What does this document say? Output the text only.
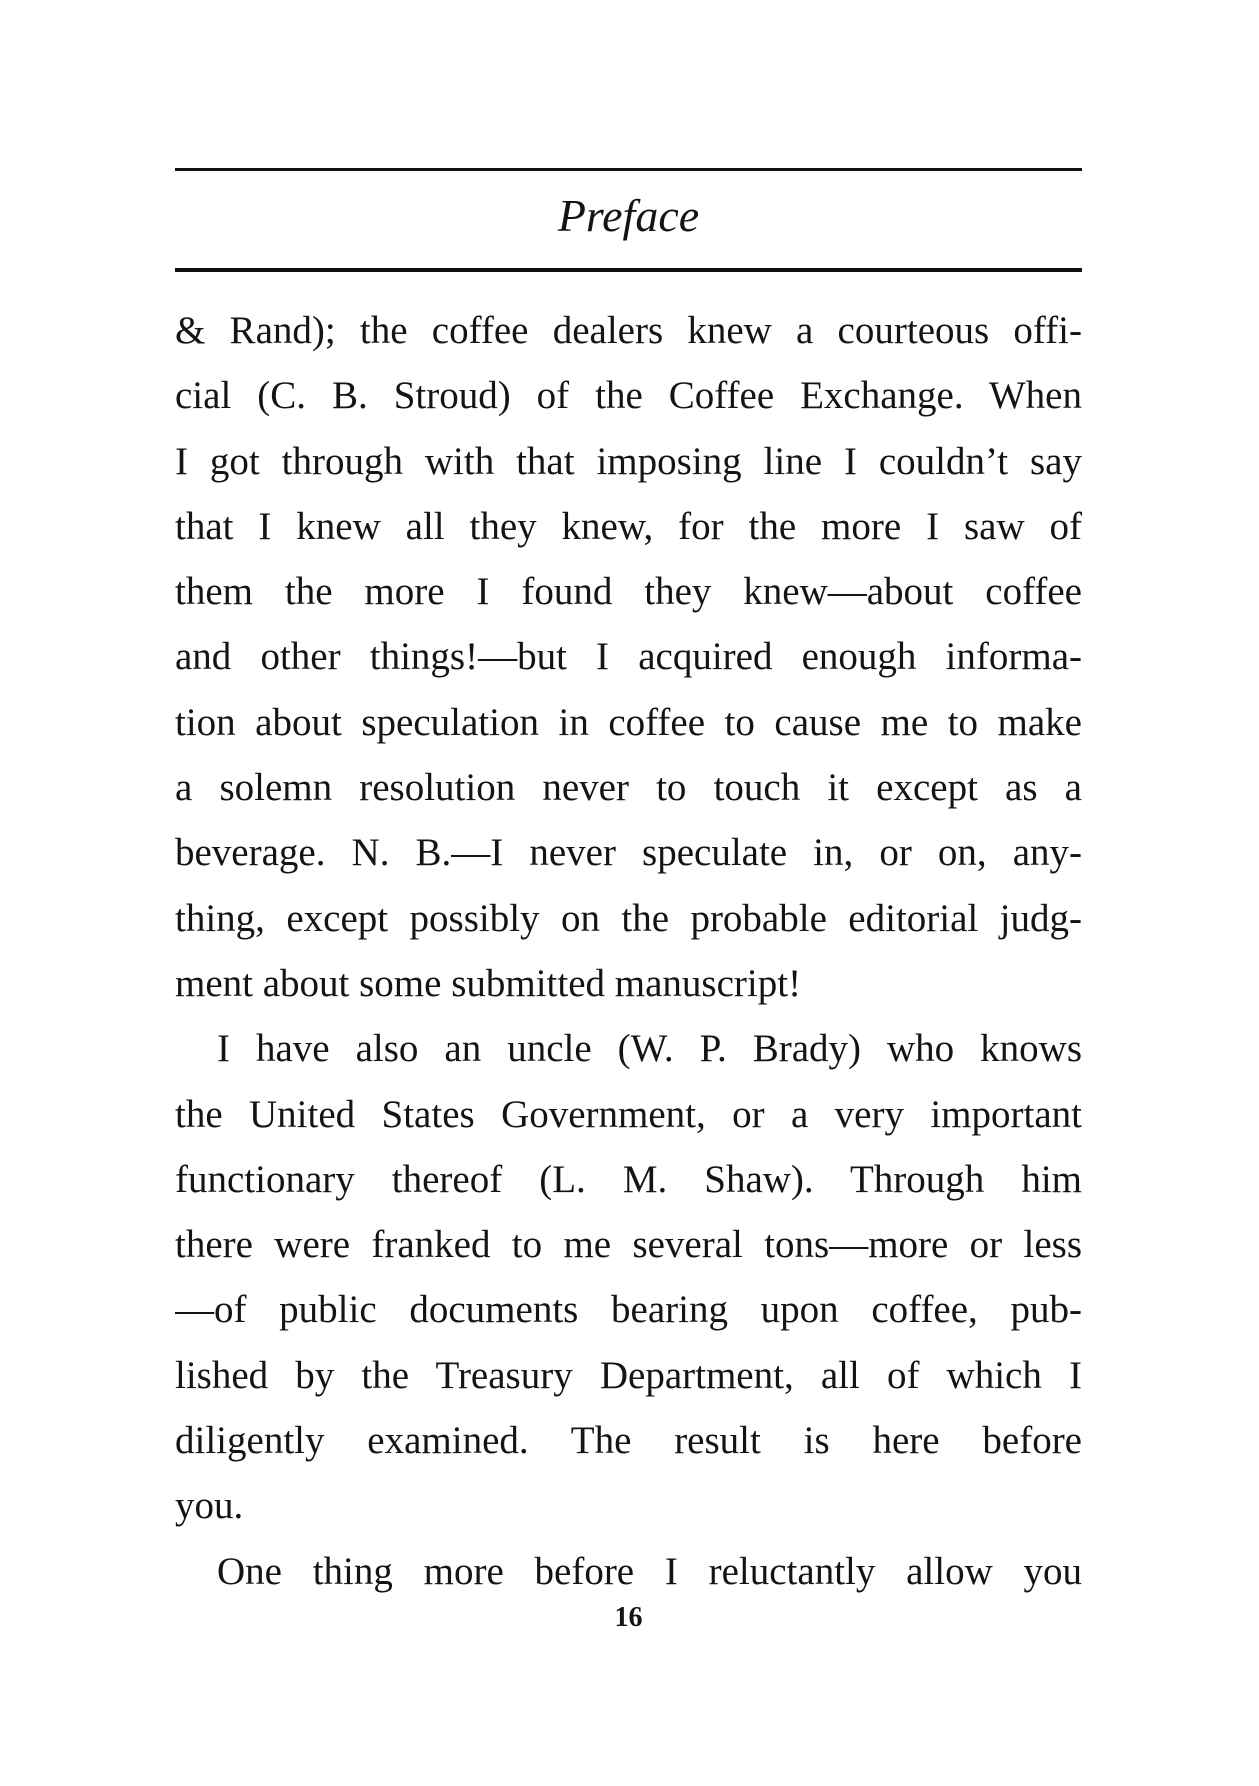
Preface
& Rand); the coffee dealers knew a courteous offi-
cial (C. B. Stroud) of the Coffee Exchange. When
I got through with that imposing line I couldn’t say
that I knew all they knew, for the more I saw of
them the more I found they knew—about coffee
and other things!—but I acquired enough informa-
tion about speculation in coffee to cause me to make
a solemn resolution never to touch it except as a
beverage. N. B.—I never speculate in, or on, any-
thing, except possibly on the probable editorial judg-
ment about some submitted manuscript!
I have also an uncle (W. P. Brady) who knows
the United States Government, or a very important
functionary thereof (L. M. Shaw). Through him
there were franked to me several tons—more or less
—of public documents bearing upon coffee, pub-
lished by the Treasury Department, all of which I
diligently examined. The result is here before
you.
One thing more before I reluctantly allow you
16
